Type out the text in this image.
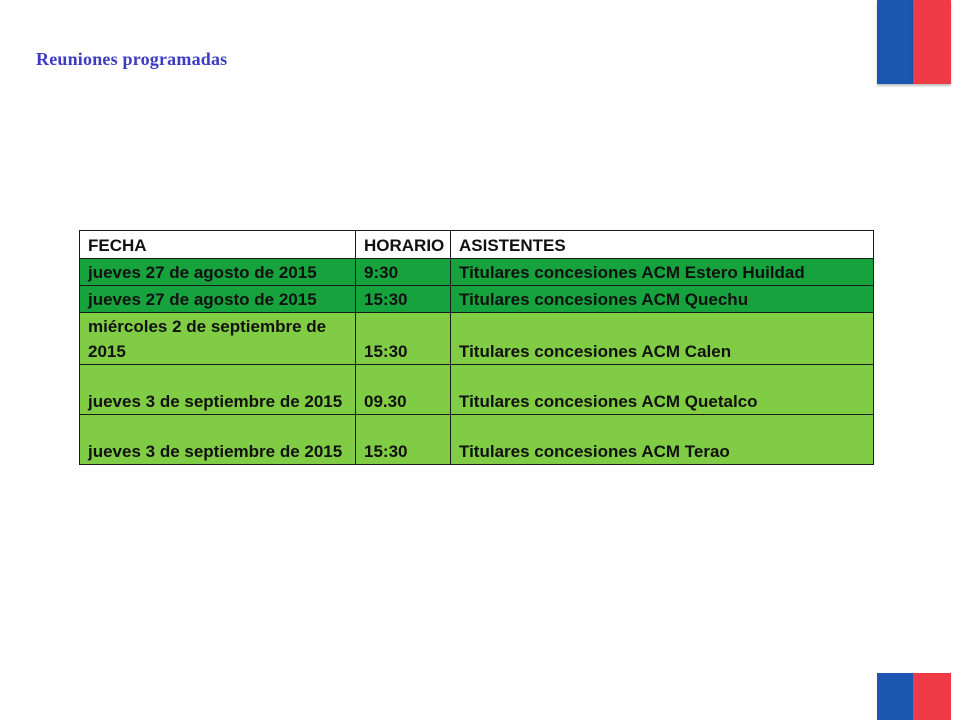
Reuniones programadas
FECHA	HORARIO	ASISTENTES
jueves 27 de agosto de 2015	9:30	Titulares concesiones ACM Estero Huildad
jueves 27 de agosto de 2015	15:30	Titulares concesiones ACM Quechu
miércoles 2 de septiembre de 2015	15:30	Titulares concesiones ACM Calen
jueves 3 de septiembre de 2015	09.30	Titulares concesiones ACM Quetalco
jueves 3 de septiembre de 2015	15:30	Titulares concesiones ACM Terao
